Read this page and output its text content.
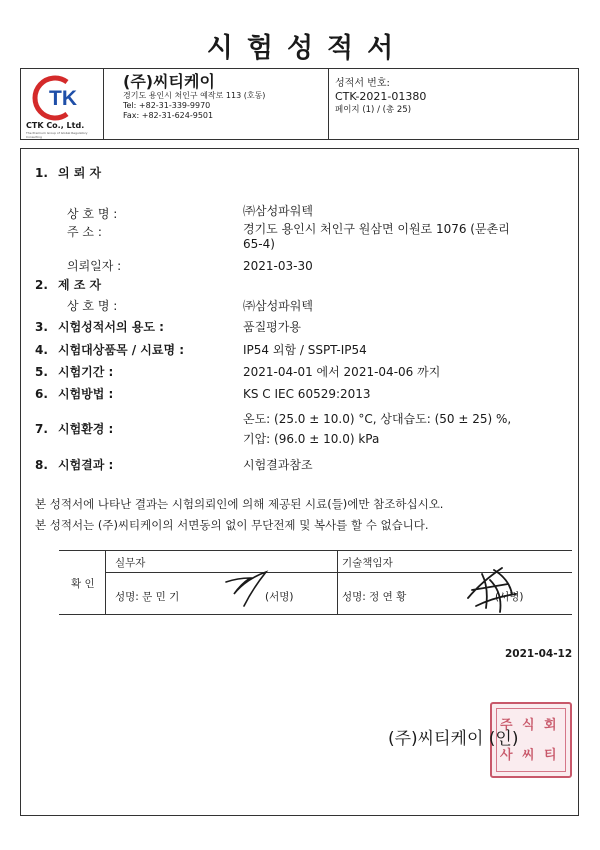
시험성적서
TK
CTK Co., Ltd.
The Premium Group of Global Regulatory Consulting
(주)씨티케이
경기도 용인시 처인구 예작로 113 (호동)
Tel: +82-31-339-9970
Fax: +82-31-624-9501
성적서 번호:
CTK-2021-01380
페이지 (1) / (총 25)
1. 의 뢰 자
상 호 명 :	㈜삼성파워텍
주 소 :	경기도 용인시 처인구 원삼면 이원로 1076 (문촌리
65-4)
의뢰일자 :	2021-03-30
2. 제 조 자
상 호 명 :	㈜삼성파워텍
3. 시험성적서의 용도 :	품질평가용
4. 시험대상품목 / 시료명 :	IP54 외함 / SSPT-IP54
5. 시험기간 :	2021-04-01 에서 2021-04-06 까지
6. 시험방법 :	KS C IEC 60529:2013
7. 시험환경 :
온도: (25.0 ± 10.0) °C, 상대습도: (50 ± 25) %,
기압: (96.0 ± 10.0) kPa
8. 시험결과 :	시험결과참조
본 성적서에 나타난 결과는 시험의뢰인에 의해 제공된 시료(들)에만 참조하십시오.
본 성적서는 (주)씨티케이의 서면동의 없이 무단전제 및 복사를 할 수 없습니다.
확 인
실무자
성명: 문 민 기	(서명)
기술책임자
성명: 정 연 황	(서명)
2021-04-12
주 식 회
사 씨 티
(주)씨티케이 (인)
